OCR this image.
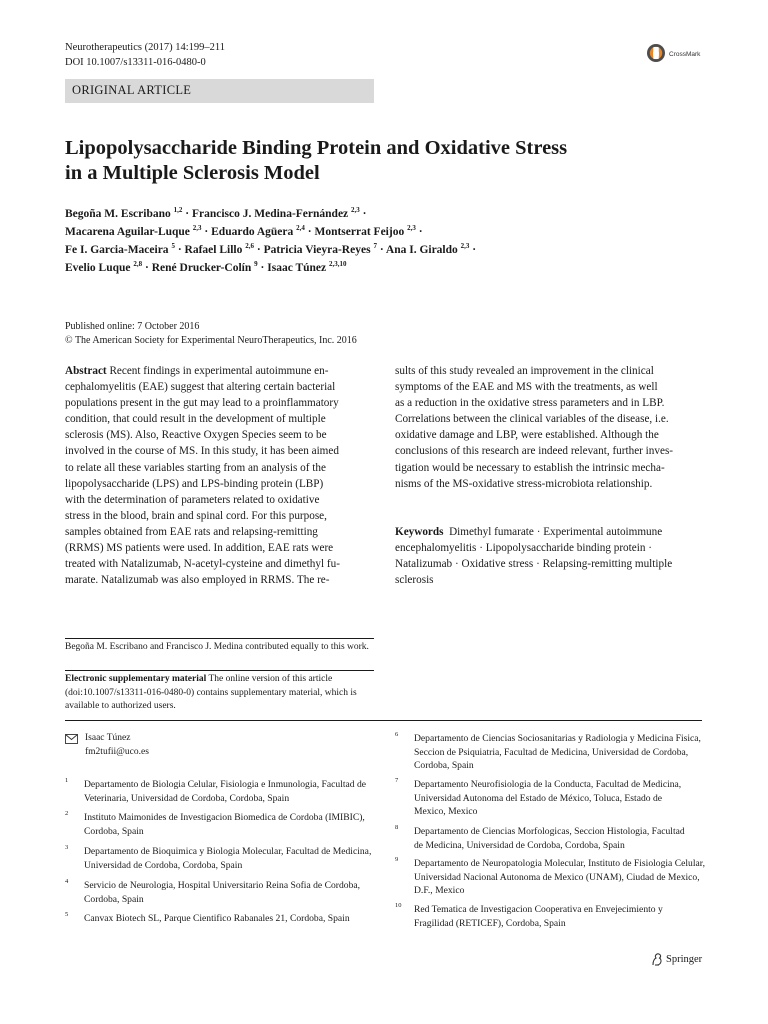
Neurotherapeutics (2017) 14:199–211
DOI 10.1007/s13311-016-0480-0
CrossMark
ORIGINAL ARTICLE
Lipopolysaccharide Binding Protein and Oxidative Stress
in a Multiple Sclerosis Model
Begoña M. Escribano $^{1,2}$ · Francisco J. Medina-Fernández $^{2,3}$ ·
Macarena Aguilar-Luque $^{2,3}$ · Eduardo Agüera $^{2,4}$ · Montserrat Feijoo $^{2,3}$ ·
Fe I. Garcia-Maceira $^5$ · Rafael Lillo $^{2,6}$ · Patricia Vieyra-Reyes $^7$ · Ana I. Giraldo $^{2,3}$ ·
Evelio Luque $^{2,8}$ · René Drucker-Colín $^9$ · Isaac Túnez $^{2,3,10}$
Published online: 7 October 2016
© The American Society for Experimental NeuroTherapeutics, Inc. 2016
Abstract Recent findings in experimental autoimmune en-
cephalomyelitis (EAE) suggest that altering certain bacterial
populations present in the gut may lead to a proinflammatory
condition, that could result in the development of multiple
sclerosis (MS). Also, Reactive Oxygen Species seem to be
involved in the course of MS. In this study, it has been aimed
to relate all these variables starting from an analysis of the
lipopolysaccharide (LPS) and LPS-binding protein (LBP)
with the determination of parameters related to oxidative
stress in the blood, brain and spinal cord. For this purpose,
samples obtained from EAE rats and relapsing-remitting
(RRMS) MS patients were used. In addition, EAE rats were
treated with Natalizumab, N-acetyl-cysteine and dimethyl fu-
marate. Natalizumab was also employed in RRMS. The re-
sults of this study revealed an improvement in the clinical
symptoms of the EAE and MS with the treatments, as well
as a reduction in the oxidative stress parameters and in LBP.
Correlations between the clinical variables of the disease, i.e.
oxidative damage and LBP, were established. Although the
conclusions of this research are indeed relevant, further inves-
tigation would be necessary to establish the intrinsic mecha-
nisms of the MS-oxidative stress-microbiota relationship.
Keywords Dimethyl fumarate · Experimental autoimmune encephalomyelitis · Lipopolysaccharide binding protein · Natalizumab · Oxidative stress · Relapsing-remitting multiple sclerosis
Begoña M. Escribano and Francisco J. Medina contributed equally to this work.
Electronic supplementary material The online version of this article (doi:10.1007/s13311-016-0480-0) contains supplementary material, which is available to authorized users.
Isaac Túnez
fm2tufii@uco.es
1 Departamento de Biologia Celular, Fisiologia e Inmunologia, Facultad de Veterinaria, Universidad de Cordoba, Cordoba, Spain
2 Instituto Maimonides de Investigacion Biomedica de Cordoba (IMIBIC), Cordoba, Spain
3 Departamento de Bioquimica y Biologia Molecular, Facultad de Medicina, Universidad de Cordoba, Cordoba, Spain
4 Servicio de Neurologia, Hospital Universitario Reina Sofia de Cordoba, Cordoba, Spain
5 Canvax Biotech SL, Parque Cientifico Rabanales 21, Cordoba, Spain
6 Departamento de Ciencias Sociosanitarias y Radiologia y Medicina Fisica, Seccion de Psiquiatria, Facultad de Medicina, Universidad de Cordoba, Cordoba, Spain
7 Departamento Neurofisiologia de la Conducta, Facultad de Medicina, Universidad Autonoma del Estado de México, Toluca, Estado de Mexico, Mexico
8 Departamento de Ciencias Morfologicas, Seccion Histologia, Facultad de Medicina, Universidad de Cordoba, Cordoba, Spain
9 Departamento de Neuropatologia Molecular, Instituto de Fisiologia Celular, Universidad Nacional Autonoma de Mexico (UNAM), Ciudad de Mexico, D.F., Mexico
10 Red Tematica de Investigacion Cooperativa en Envejecimiento y Fragilidad (RETICEF), Cordoba, Spain
Springer
